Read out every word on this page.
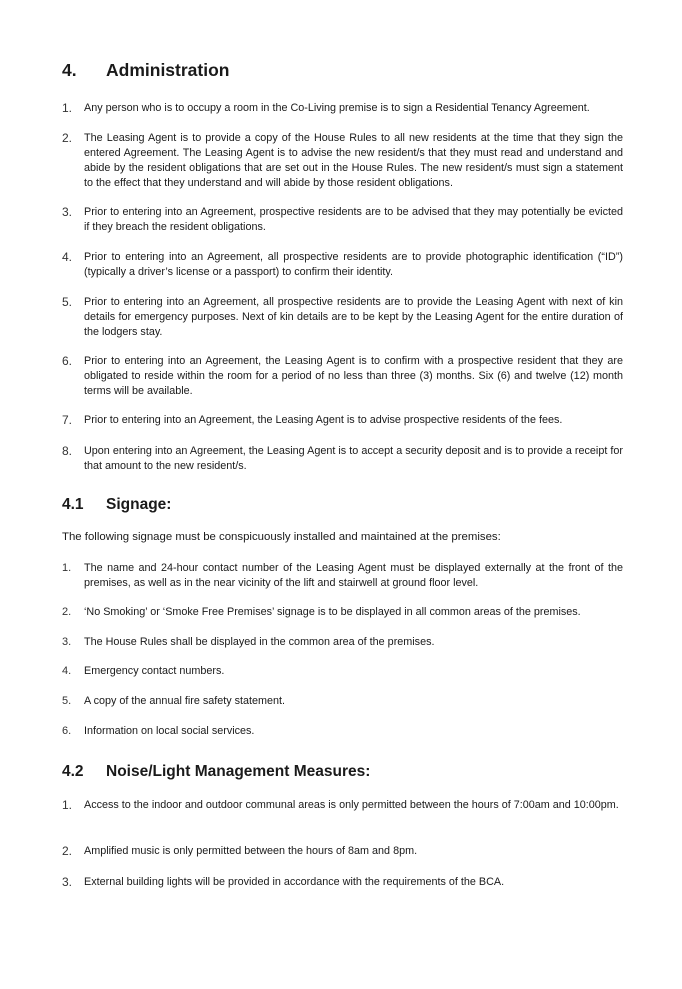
4.	Administration
1.	Any person who is to occupy a room in the Co-Living premise is to sign a Residential Tenancy Agreement.
2.	The Leasing Agent is to provide a copy of the House Rules to all new residents at the time that they sign the entered Agreement. The Leasing Agent is to advise the new resident/s that they must read and understand and abide by the resident obligations that are set out in the House Rules. The new resident/s must sign a statement to the effect that they understand and will abide by those resident obligations.
3.	Prior to entering into an Agreement, prospective residents are to be advised that they may potentially be evicted if they breach the resident obligations.
4.	Prior to entering into an Agreement, all prospective residents are to provide photographic identification (“ID”) (typically a driver’s license or a passport) to confirm their identity.
5.	Prior to entering into an Agreement, all prospective residents are to provide the Leasing Agent with next of kin details for emergency purposes. Next of kin details are to be kept by the Leasing Agent for the entire duration of the lodgers stay.
6.	Prior to entering into an Agreement, the Leasing Agent is to confirm with a prospective resident that they are obligated to reside within the room for a period of no less than three (3) months. Six (6) and twelve (12) month terms will be available.
7.	Prior to entering into an Agreement, the Leasing Agent is to advise prospective residents of the fees.
8.	Upon entering into an Agreement, the Leasing Agent is to accept a security deposit and is to provide a receipt for that amount to the new resident/s.
4.1	Signage:
The following signage must be conspicuously installed and maintained at the premises:
1.	The name and 24-hour contact number of the Leasing Agent must be displayed externally at the front of the premises, as well as in the near vicinity of the lift and stairwell at ground floor level.
2.	‘No Smoking’ or ‘Smoke Free Premises’ signage is to be displayed in all common areas of the premises.
3.	The House Rules shall be displayed in the common area of the premises.
4.	Emergency contact numbers.
5.	A copy of the annual fire safety statement.
6.	Information on local social services.
4.2	Noise/Light Management Measures:
1.	Access to the indoor and outdoor communal areas is only permitted between the hours of 7:00am and 10:00pm.
2.	Amplified music is only permitted between the hours of 8am and 8pm.
3.	External building lights will be provided in accordance with the requirements of the BCA.
